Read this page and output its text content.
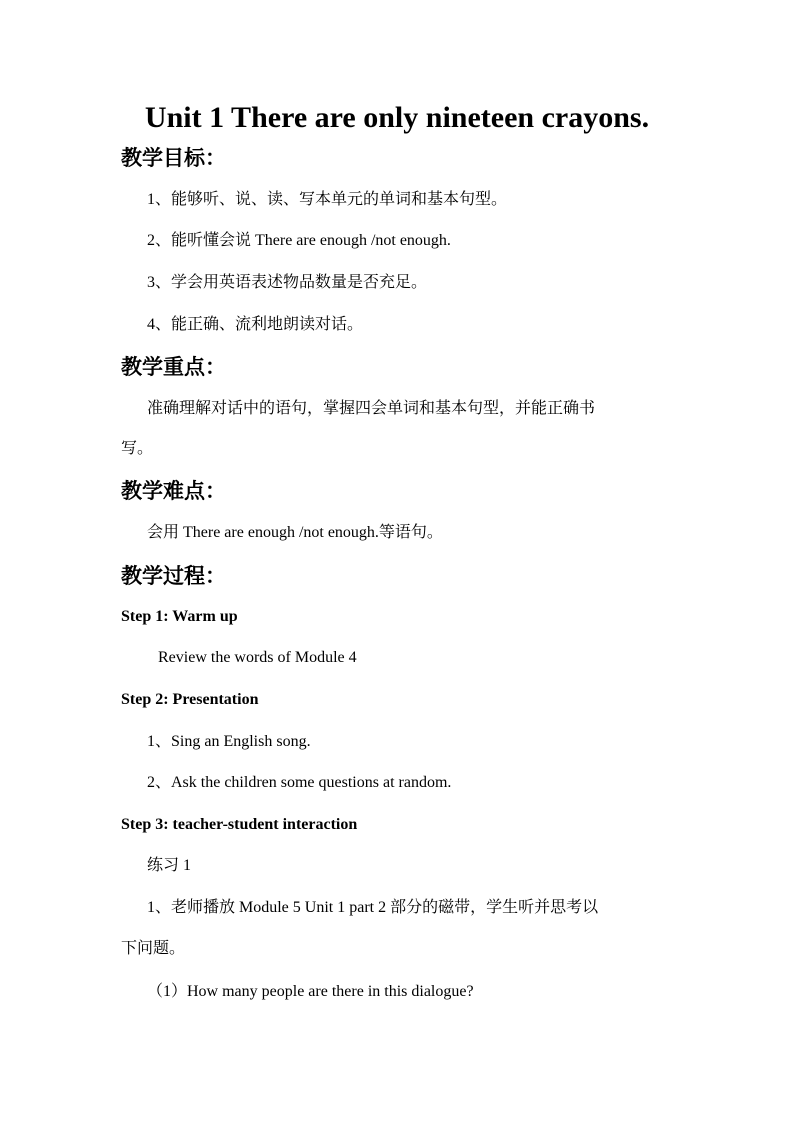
Unit 1 There are only nineteen crayons.
教学目标：
1、能够听、说、读、写本单元的单词和基本句型。
2、能听懂会说 There are enough /not enough.
3、学会用英语表述物品数量是否充足。
4、能正确、流利地朗读对话。
教学重点：
准确理解对话中的语句，掌握四会单词和基本句型，并能正确书
写。
教学难点：
会用 There are enough /not enough.等语句。
教学过程：
Step 1: Warm up
Review the words of Module 4
Step 2: Presentation
1、Sing an English song.
2、Ask the children some questions at random.
Step 3: teacher-student interaction
练习 1
1、老师播放 Module 5 Unit 1 part 2 部分的磁带，学生听并思考以
下问题。
（1）How many people are there in this dialogue?
